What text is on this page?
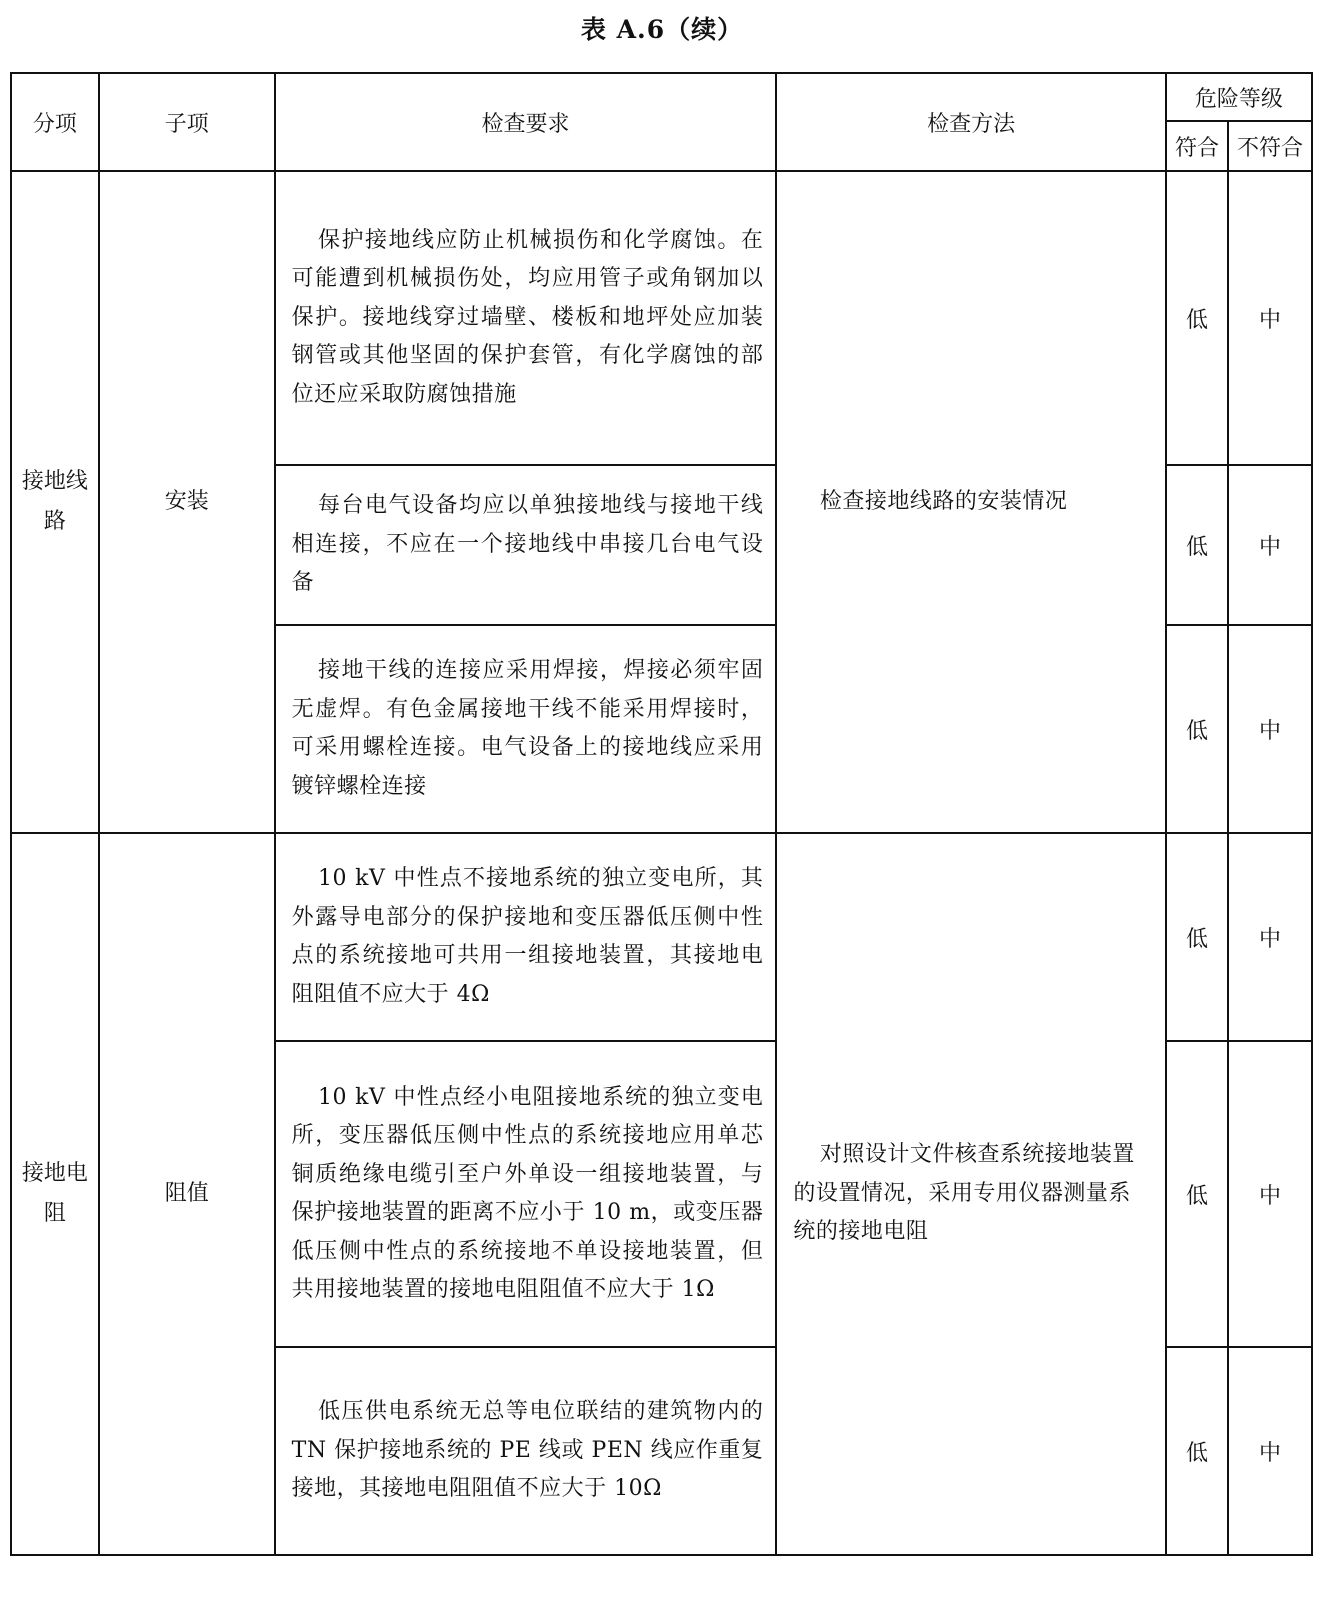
表 A.6（续）
分项	子项	检查要求	检查方法	危险等级	
				符合	不符合
接地线路	安装	保护接地线应防止机械损伤和化学腐蚀。在可能遭到机械损伤处，均应用管子或角钢加以保护。接地线穿过墙壁、楼板和地坪处应加装钢管或其他坚固的保护套管，有化学腐蚀的部位还应采取防腐蚀措施	检查接地线路的安装情况	低	中
		每台电气设备均应以单独接地线与接地干线相连接，不应在一个接地线中串接几台电气设备		低	中
		接地干线的连接应采用焊接，焊接必须牢固无虚焊。有色金属接地干线不能采用焊接时，可采用螺栓连接。电气设备上的接地线应采用镀锌螺栓连接		低	中
接地电阻	阻值	10 kV 中性点不接地系统的独立变电所，其外露导电部分的保护接地和变压器低压侧中性点的系统接地可共用一组接地装置，其接地电阻阻值不应大于 4Ω	对照设计文件核查系统接地装置的设置情况，采用专用仪器测量系统的接地电阻	低	中
		10 kV 中性点经小电阻接地系统的独立变电所，变压器低压侧中性点的系统接地应用单芯铜质绝缘电缆引至户外单设一组接地装置，与保护接地装置的距离不应小于 10 m，或变压器低压侧中性点的系统接地不单设接地装置，但共用接地装置的接地电阻阻值不应大于 1Ω		低	中
		低压供电系统无总等电位联结的建筑物内的 TN 保护接地系统的 PE 线或 PEN 线应作重复接地，其接地电阻阻值不应大于 10Ω		低	中
